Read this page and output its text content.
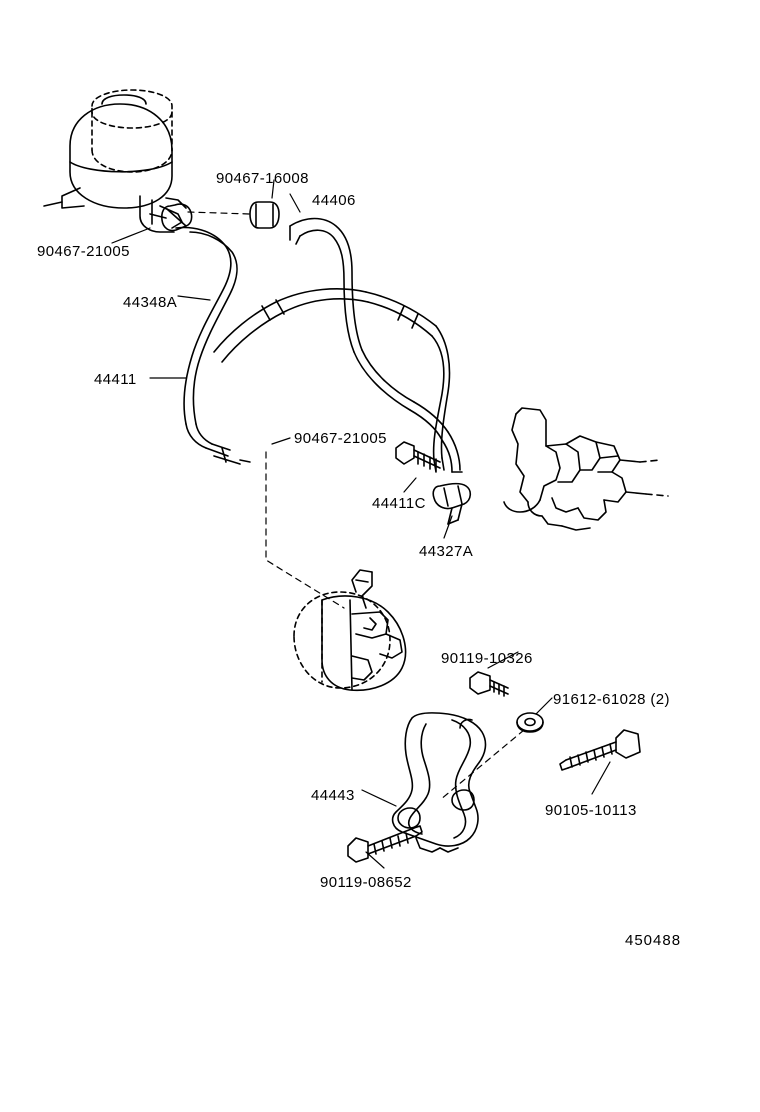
90467-16008
44406
90467-21005
44348A
44411
90467-21005
44411C
44327A
90119-10326
91612-61028 (2)
90105-10113
44443
90119-08652
450488
